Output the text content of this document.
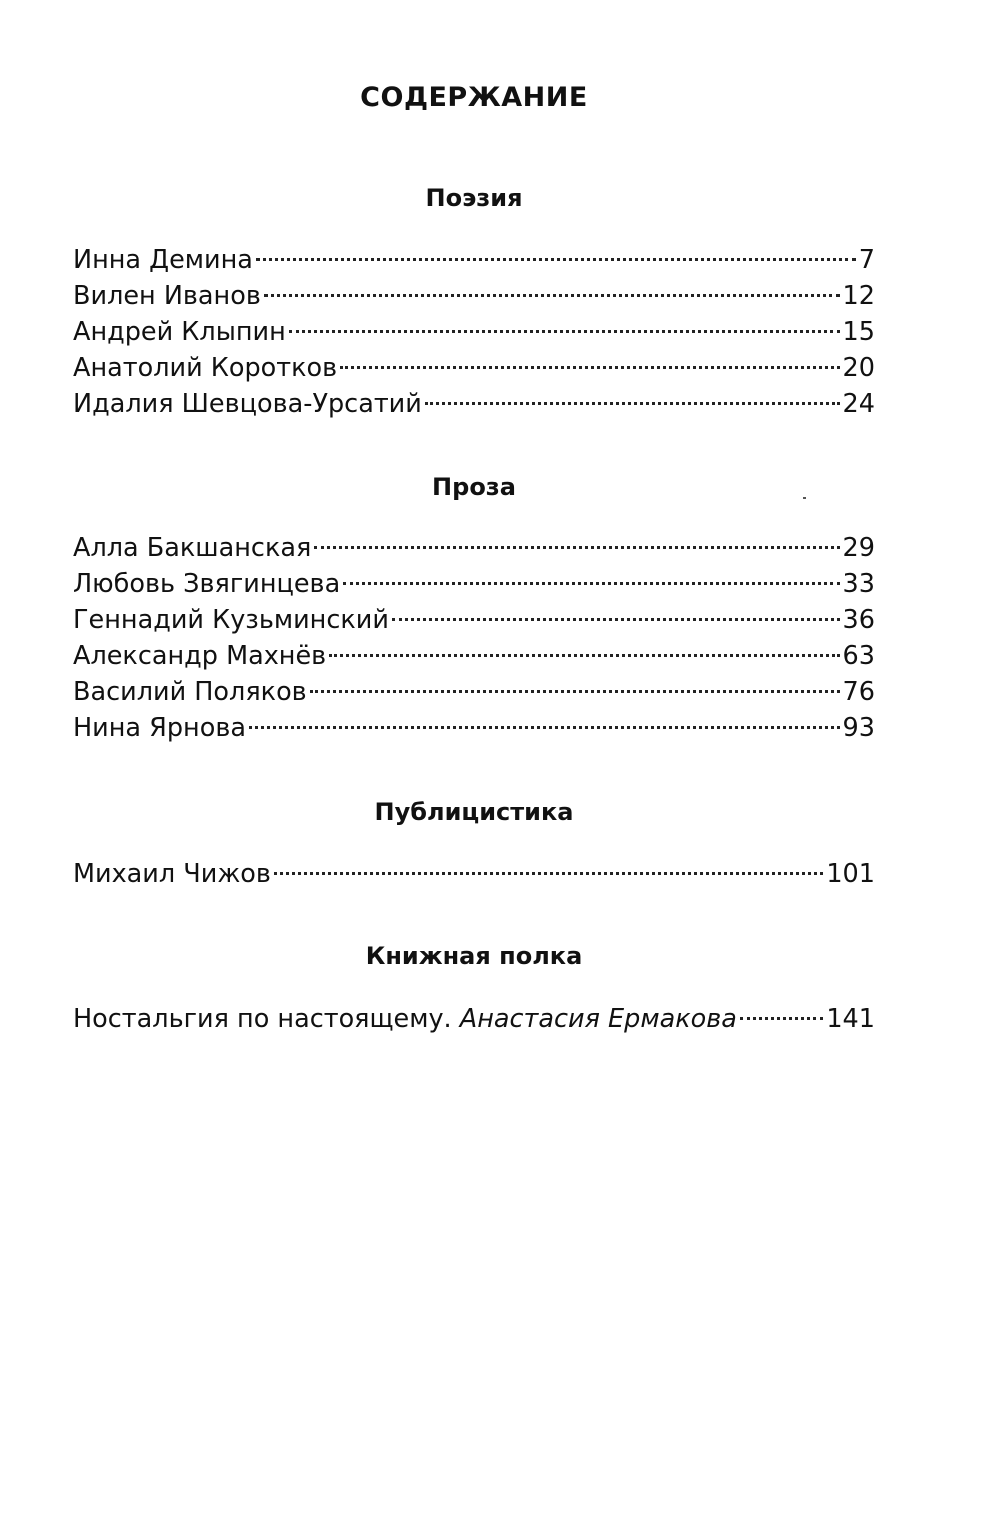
СОДЕРЖАНИЕ
Поэзия
Инна Демина	7
Вилен Иванов	12
Андрей Клыпин	15
Анатолий Коротков	20
Идалия Шевцова-Урсатий	24
Проза
Алла Бакшанская	29
Любовь Звягинцева	33
Геннадий Кузьминский	36
Александр Махнёв	63
Василий Поляков	76
Нина Ярнова	93
Публицистика
Михаил Чижов	101
Книжная полка
Ностальгия по настоящему. Анастасия Ермакова	141
